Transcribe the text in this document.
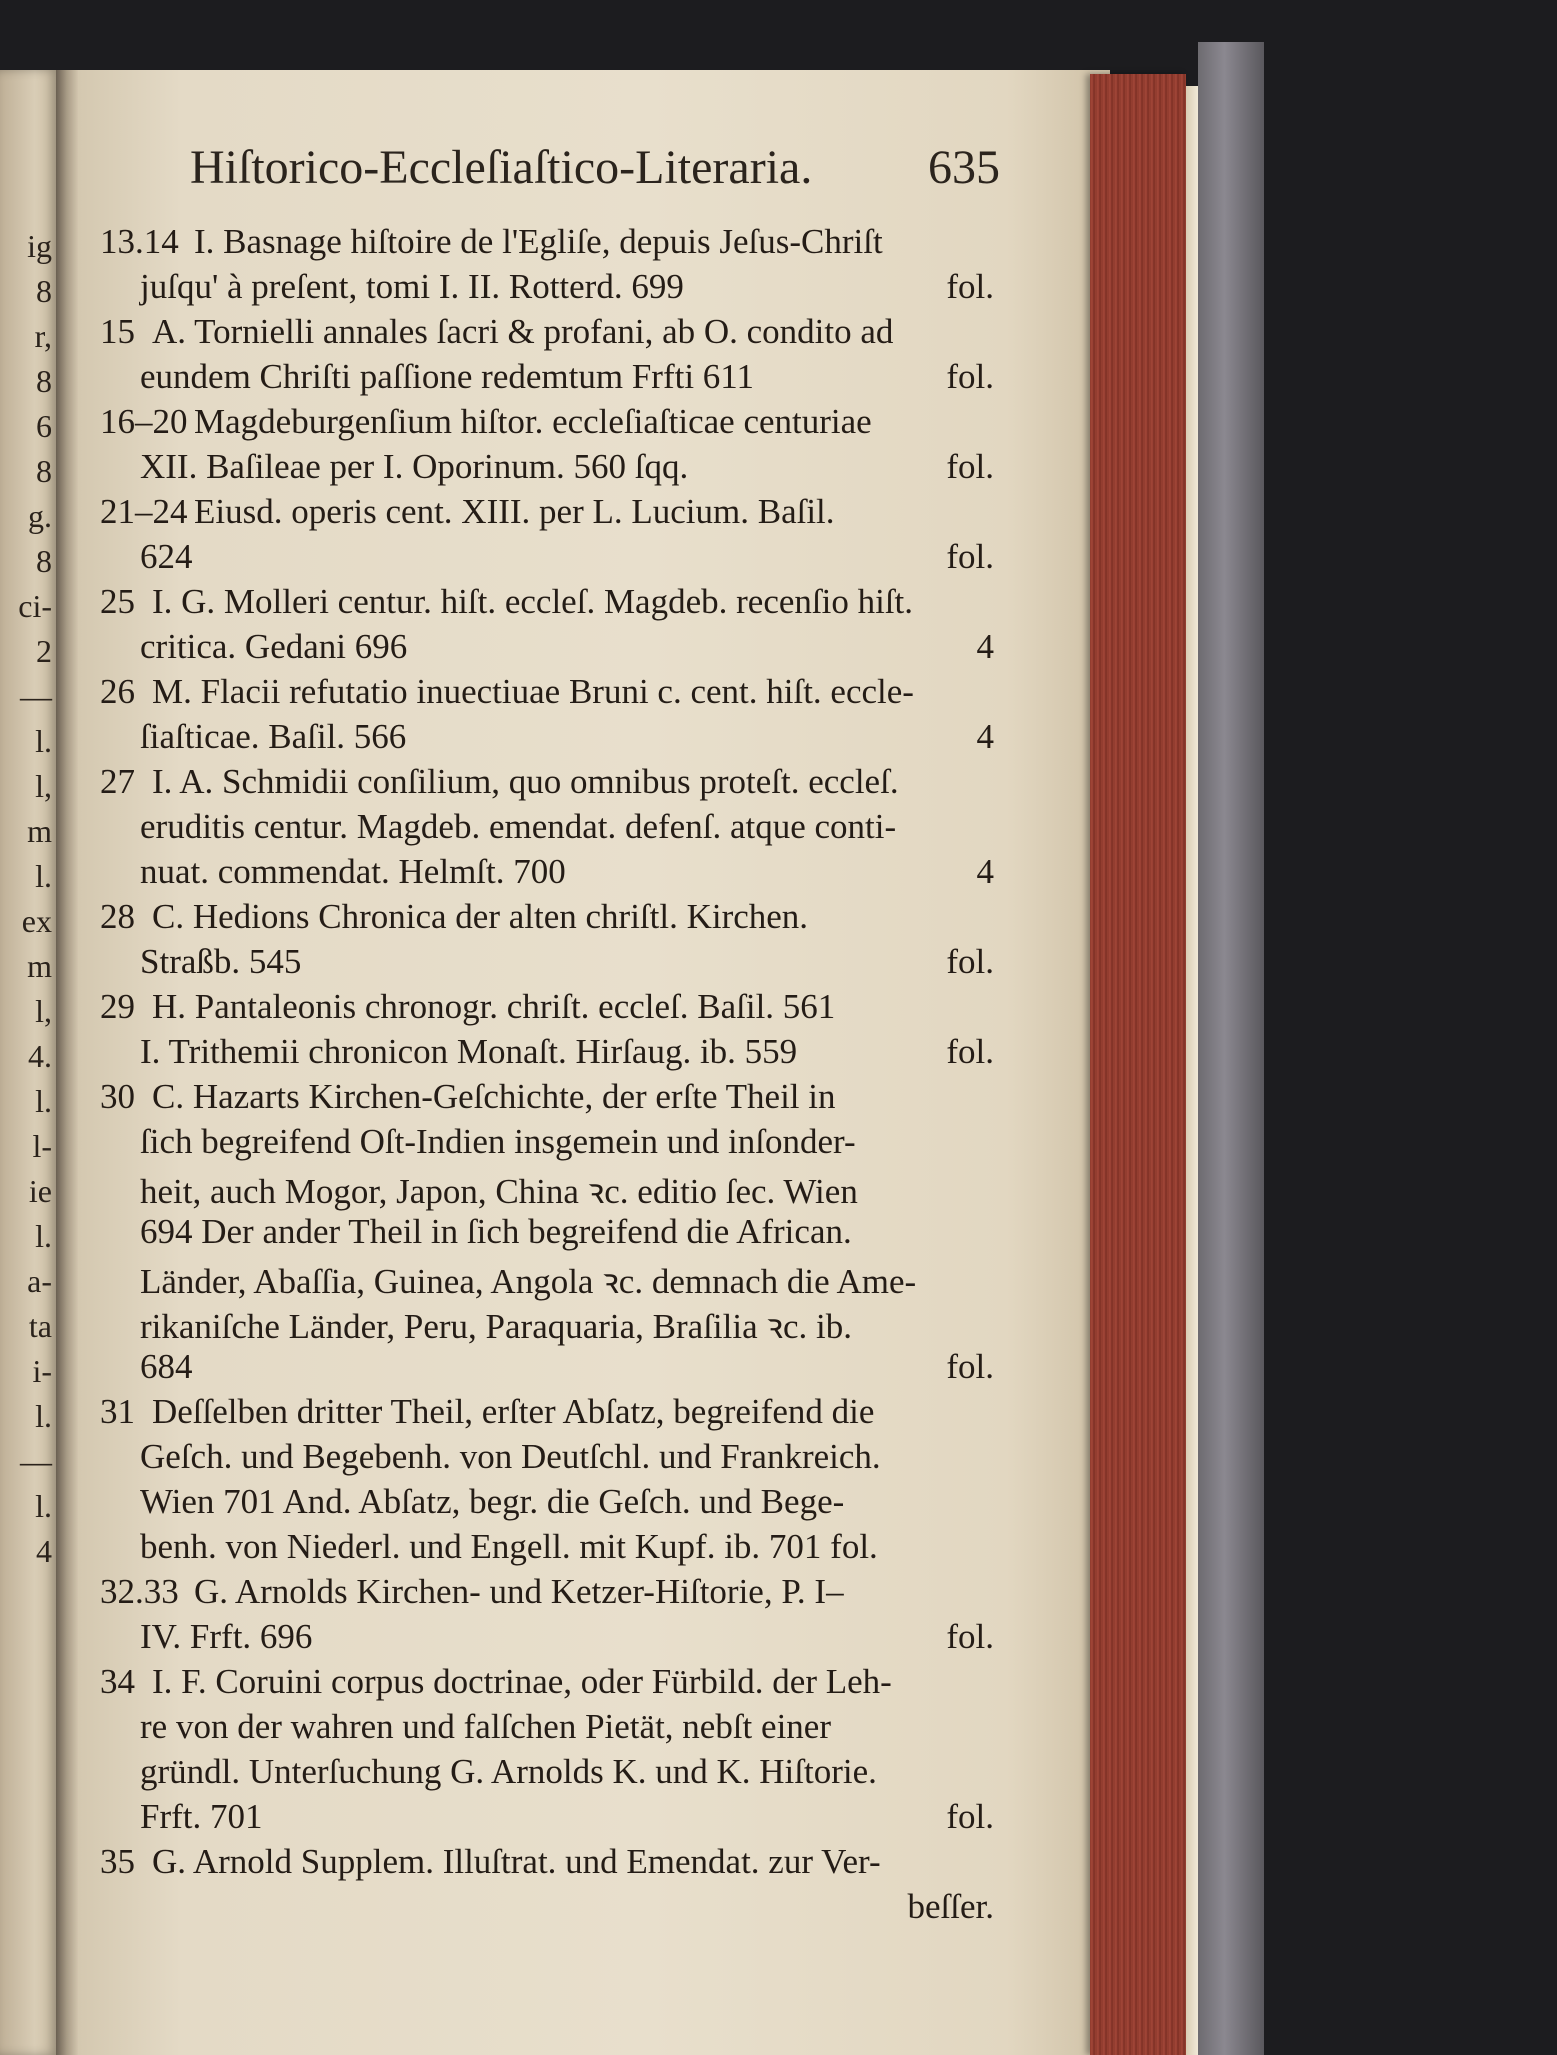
ig
8
r,
8
6
8
g.
8
ci-
2
—
l.
l,
m
l.
ex
m
l,
4.
l.
l-
ie
l.
a-
ta
i-
l.
—
l.
4
Hiſtorico-Eccleſiaſtico-Literaria. 635
13.14 I. Basnage hiſtoire de l'Egliſe, depuis Jeſus-Chriſt
juſqu' à preſent, tomi I. II. Rotterd. 699	fol.
15 A. Tornielli annales ſacri & profani, ab O. condito ad
eundem Chriſti paſſione redemtum Frfti 611	fol.
16–20 Magdeburgenſium hiſtor. eccleſiaſticae centuriae
XII. Baſileae per I. Oporinum. 560 ſqq.	fol.
21–24 Eiusd. operis cent. XIII. per L. Lucium. Baſil.
624	fol.
25 I. G. Molleri centur. hiſt. eccleſ. Magdeb. recenſio hiſt.
critica. Gedani 696	4
26 M. Flacii refutatio inuectiuae Bruni c. cent. hiſt. eccle-
ſiaſticae. Baſil. 566	4
27 I. A. Schmidii conſilium, quo omnibus proteſt. eccleſ.
eruditis centur. Magdeb. emendat. defenſ. atque conti-
nuat. commendat. Helmſt. 700	4
28 C. Hedions Chronica der alten chriſtl. Kirchen.
Straßb. 545	fol.
29 H. Pantaleonis chronogr. chriſt. eccleſ. Baſil. 561
I. Trithemii chronicon Monaſt. Hirſaug. ib. 559	fol.
30 C. Hazarts Kirchen-Geſchichte, der erſte Theil in
ſich begreifend Oſt-Indien insgemein und inſonder-
heit, auch Mogor, Japon, China ꝛc. editio ſec. Wien
694 Der ander Theil in ſich begreifend die African.
Länder, Abaſſia, Guinea, Angola ꝛc. demnach die Ame-
rikaniſche Länder, Peru, Paraquaria, Braſilia ꝛc. ib.
684	fol.
31 Deſſelben dritter Theil, erſter Abſatz, begreifend die
Geſch. und Begebenh. von Deutſchl. und Frankreich.
Wien 701 And. Abſatz, begr. die Geſch. und Bege-
benh. von Niederl. und Engell. mit Kupf. ib. 701 fol.
32.33 G. Arnolds Kirchen- und Ketzer-Hiſtorie, P. I–
IV. Frft. 696	fol.
34 I. F. Coruini corpus doctrinae, oder Fürbild. der Leh-
re von der wahren und falſchen Pietät, nebſt einer
gründl. Unterſuchung G. Arnolds K. und K. Hiſtorie.
Frft. 701	fol.
35 G. Arnold Supplem. Illuſtrat. und Emendat. zur Ver-
beſſer.
